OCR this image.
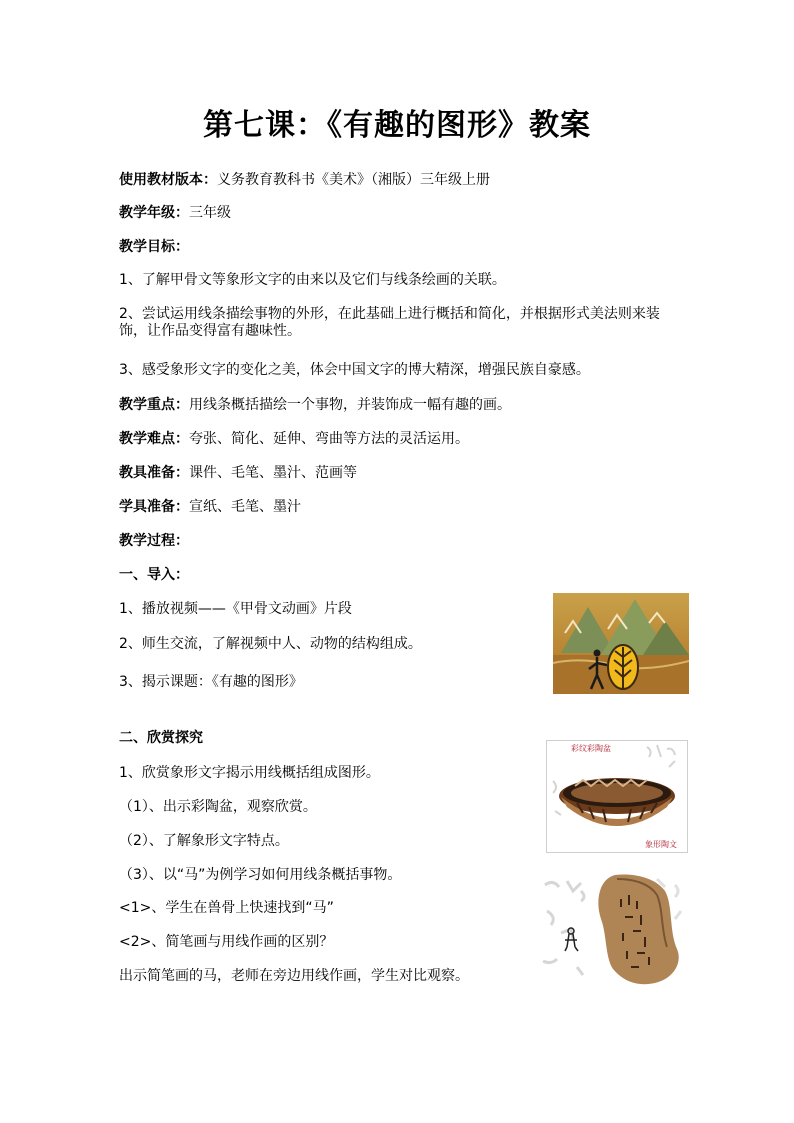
第七课：《有趣的图形》教案
使用教材版本：义务教育教科书《美术》（湘版）三年级上册
教学年级：三年级
教学目标：
1、了解甲骨文等象形文字的由来以及它们与线条绘画的关联。
2、尝试运用线条描绘事物的外形，在此基础上进行概括和简化，并根据形式美法则来装饰，让作品变得富有趣味性。
3、感受象形文字的变化之美，体会中国文字的博大精深，增强民族自豪感。
教学重点：用线条概括描绘一个事物，并装饰成一幅有趣的画。
教学难点：夸张、简化、延伸、弯曲等方法的灵活运用。
教具准备：课件、毛笔、墨汁、范画等
学具准备：宣纸、毛笔、墨汁
教学过程：
一、导入：
1、播放视频——《甲骨文动画》片段
2、师生交流，了解视频中人、动物的结构组成。
3、揭示课题：《有趣的图形》
二、欣赏探究
1、欣赏象形文字揭示用线概括组成图形。
（1）、出示彩陶盆，观察欣赏。
（2）、了解象形文字特点。
（3）、以“马”为例学习如何用线条概括事物。
<1>、学生在兽骨上快速找到“马”
<2>、简笔画与用线作画的区别？
出示简笔画的马，老师在旁边用线作画，学生对比观察。
彩纹彩陶盆
象形陶文
